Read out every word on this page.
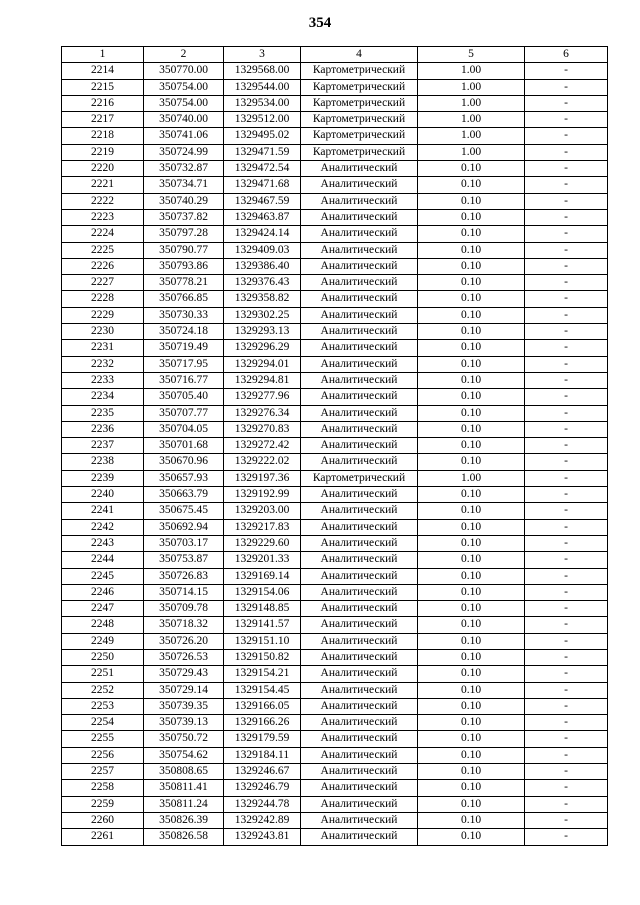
354
1	2	3	4	5	6
2214	350770.00	1329568.00	Картометрический	1.00	-
2215	350754.00	1329544.00	Картометрический	1.00	-
2216	350754.00	1329534.00	Картометрический	1.00	-
2217	350740.00	1329512.00	Картометрический	1.00	-
2218	350741.06	1329495.02	Картометрический	1.00	-
2219	350724.99	1329471.59	Картометрический	1.00	-
2220	350732.87	1329472.54	Аналитический	0.10	-
2221	350734.71	1329471.68	Аналитический	0.10	-
2222	350740.29	1329467.59	Аналитический	0.10	-
2223	350737.82	1329463.87	Аналитический	0.10	-
2224	350797.28	1329424.14	Аналитический	0.10	-
2225	350790.77	1329409.03	Аналитический	0.10	-
2226	350793.86	1329386.40	Аналитический	0.10	-
2227	350778.21	1329376.43	Аналитический	0.10	-
2228	350766.85	1329358.82	Аналитический	0.10	-
2229	350730.33	1329302.25	Аналитический	0.10	-
2230	350724.18	1329293.13	Аналитический	0.10	-
2231	350719.49	1329296.29	Аналитический	0.10	-
2232	350717.95	1329294.01	Аналитический	0.10	-
2233	350716.77	1329294.81	Аналитический	0.10	-
2234	350705.40	1329277.96	Аналитический	0.10	-
2235	350707.77	1329276.34	Аналитический	0.10	-
2236	350704.05	1329270.83	Аналитический	0.10	-
2237	350701.68	1329272.42	Аналитический	0.10	-
2238	350670.96	1329222.02	Аналитический	0.10	-
2239	350657.93	1329197.36	Картометрический	1.00	-
2240	350663.79	1329192.99	Аналитический	0.10	-
2241	350675.45	1329203.00	Аналитический	0.10	-
2242	350692.94	1329217.83	Аналитический	0.10	-
2243	350703.17	1329229.60	Аналитический	0.10	-
2244	350753.87	1329201.33	Аналитический	0.10	-
2245	350726.83	1329169.14	Аналитический	0.10	-
2246	350714.15	1329154.06	Аналитический	0.10	-
2247	350709.78	1329148.85	Аналитический	0.10	-
2248	350718.32	1329141.57	Аналитический	0.10	-
2249	350726.20	1329151.10	Аналитический	0.10	-
2250	350726.53	1329150.82	Аналитический	0.10	-
2251	350729.43	1329154.21	Аналитический	0.10	-
2252	350729.14	1329154.45	Аналитический	0.10	-
2253	350739.35	1329166.05	Аналитический	0.10	-
2254	350739.13	1329166.26	Аналитический	0.10	-
2255	350750.72	1329179.59	Аналитический	0.10	-
2256	350754.62	1329184.11	Аналитический	0.10	-
2257	350808.65	1329246.67	Аналитический	0.10	-
2258	350811.41	1329246.79	Аналитический	0.10	-
2259	350811.24	1329244.78	Аналитический	0.10	-
2260	350826.39	1329242.89	Аналитический	0.10	-
2261	350826.58	1329243.81	Аналитический	0.10	-
